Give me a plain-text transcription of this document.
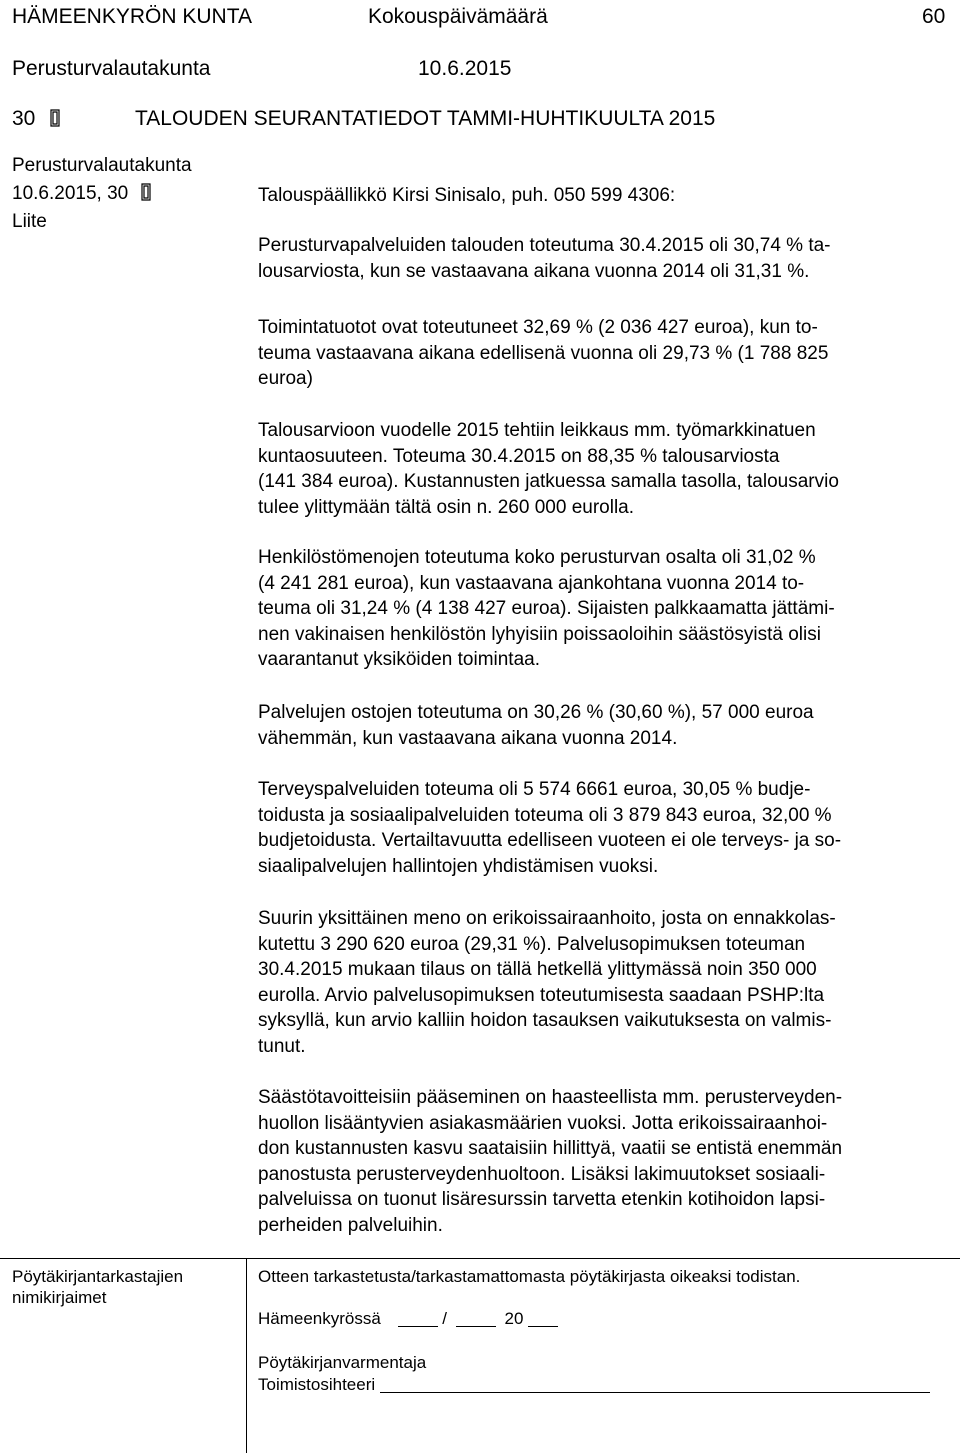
HÄMEENKYRÖN KUNTA	Kokouspäivämäärä	60
Perusturvalautakunta	10.6.2015
30	TALOUDEN SEURANTATIEDOT TAMMI-HUHTIKUULTA 2015
Perusturvalautakunta
10.6.2015, 30
Liite
Talouspäällikkö Kirsi Sinisalo, puh. 050 599 4306:
Perusturvapalveluiden talouden toteutuma 30.4.2015 oli 30,74 % ta-
lousarviosta, kun se vastaavana aikana vuonna 2014 oli 31,31 %.
Toimintatuotot ovat toteutuneet 32,69 % (2 036 427 euroa), kun to-
teuma vastaavana aikana edellisenä vuonna oli 29,73 % (1 788 825
euroa)
Talousarvioon vuodelle 2015 tehtiin leikkaus mm. työmarkkinatuen
kuntaosuuteen. Toteuma 30.4.2015 on 88,35 % talousarviosta
(141 384 euroa). Kustannusten jatkuessa samalla tasolla, talousarvio
tulee ylittymään tältä osin n. 260 000 eurolla.
Henkilöstömenojen toteutuma koko perusturvan osalta oli 31,02 %
(4 241 281 euroa), kun vastaavana ajankohtana vuonna 2014 to-
teuma oli 31,24 % (4 138 427 euroa). Sijaisten palkkaamatta jättämi-
nen vakinaisen henkilöstön lyhyisiin poissaoloihin säästösyistä olisi
vaarantanut yksiköiden toimintaa.
Palvelujen ostojen toteutuma on 30,26 % (30,60 %), 57 000 euroa
vähemmän, kun vastaavana aikana vuonna 2014.
Terveyspalveluiden toteuma oli 5 574 6661 euroa, 30,05 % budje-
toidusta ja sosiaalipalveluiden toteuma oli 3 879 843 euroa, 32,00 %
budjetoidusta. Vertailtavuutta edelliseen vuoteen ei ole terveys- ja so-
siaalipalvelujen hallintojen yhdistämisen vuoksi.
Suurin yksittäinen meno on erikoissairaanhoito, josta on ennakkolas-
kutettu 3 290 620 euroa (29,31 %). Palvelusopimuksen toteuman
30.4.2015 mukaan tilaus on tällä hetkellä ylittymässä noin 350 000
eurolla. Arvio palvelusopimuksen toteutumisesta saadaan PSHP:lta
syksyllä, kun arvio kalliin hoidon tasauksen vaikutuksesta on valmis-
tunut.
Säästötavoitteisiin pääseminen on haasteellista mm. perusterveyden-
huollon lisääntyvien asiakasmäärien vuoksi. Jotta erikoissairaanhoi-
don kustannusten kasvu saataisiin hillittyä, vaatii se entistä enemmän
panostusta perusterveydenhuoltoon. Lisäksi lakimuutokset sosiaali-
palveluissa on tuonut lisäresurssin tarvetta etenkin kotihoidon lapsi-
perheiden palveluihin.
Pöytäkirjantarkastajien
nimikirjaimet
Otteen tarkastetusta/tarkastamattomasta pöytäkirjasta oikeaksi todistan.
Hämeenkyrössä	/	20
Pöytäkirjanvarmentaja
Toimistosihteeri
